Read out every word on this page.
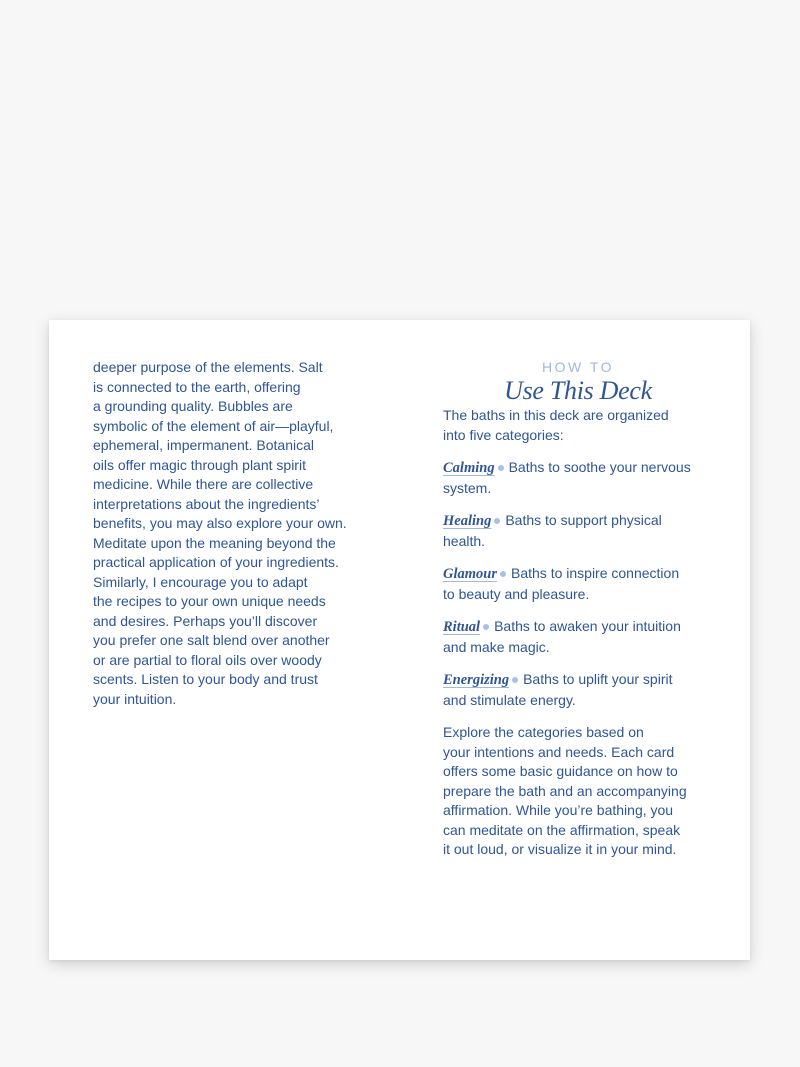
deeper purpose of the elements. Salt
is connected to the earth, offering
a grounding quality. Bubbles are
symbolic of the element of air—playful,
ephemeral, impermanent. Botanical
oils offer magic through plant spirit
medicine. While there are collective
interpretations about the ingredients’
benefits, you may also explore your own.
Meditate upon the meaning beyond the
practical application of your ingredients.
Similarly, I encourage you to adapt
the recipes to your own unique needs
and desires. Perhaps you’ll discover
you prefer one salt blend over another
or are partial to floral oils over woody
scents. Listen to your body and trust
your intuition.

HOW TO

Use This Deck

The baths in this deck are organized
into five categories:

Calming Baths to soothe your nervous
system.

Healing Baths to support physical
health.

Glamour Baths to inspire connection
to beauty and pleasure.

Ritual Baths to awaken your intuition
and make magic.

Energizing Baths to uplift your spirit
and stimulate energy.

Explore the categories based on
your intentions and needs. Each card
offers some basic guidance on how to
prepare the bath and an accompanying
affirmation. While you’re bathing, you
can meditate on the affirmation, speak
it out loud, or visualize it in your mind.
